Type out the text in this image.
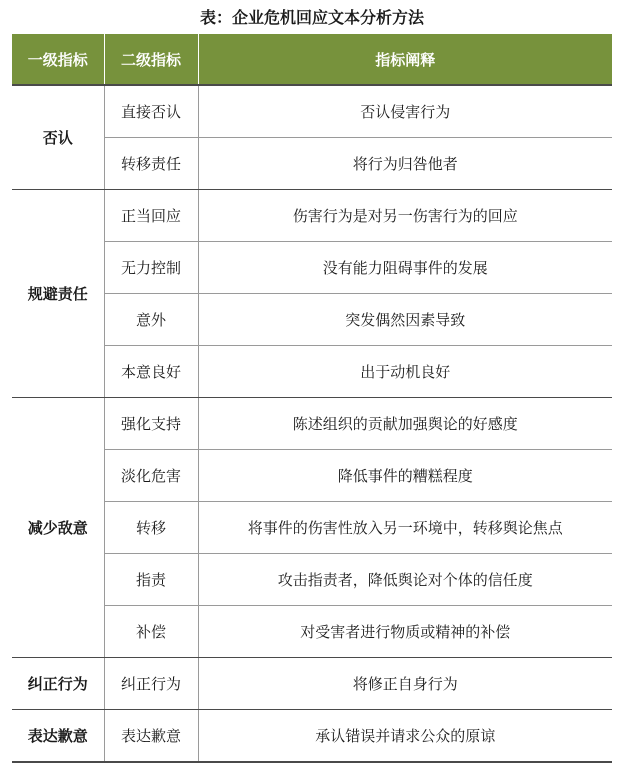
表：企业危机回应文本分析方法
一级指标	二级指标	指标阐释
否认	直接否认	否认侵害行为
	转移责任	将行为归咎他者
规避责任	正当回应	伤害行为是对另一伤害行为的回应
	无力控制	没有能力阻碍事件的发展
	意外	突发偶然因素导致
	本意良好	出于动机良好
减少敌意	强化支持	陈述组织的贡献加强舆论的好感度
	淡化危害	降低事件的糟糕程度
	转移	将事件的伤害性放入另一环境中，转移舆论焦点
	指责	攻击指责者，降低舆论对个体的信任度
	补偿	对受害者进行物质或精神的补偿
纠正行为	纠正行为	将修正自身行为
表达歉意	表达歉意	承认错误并请求公众的原谅
